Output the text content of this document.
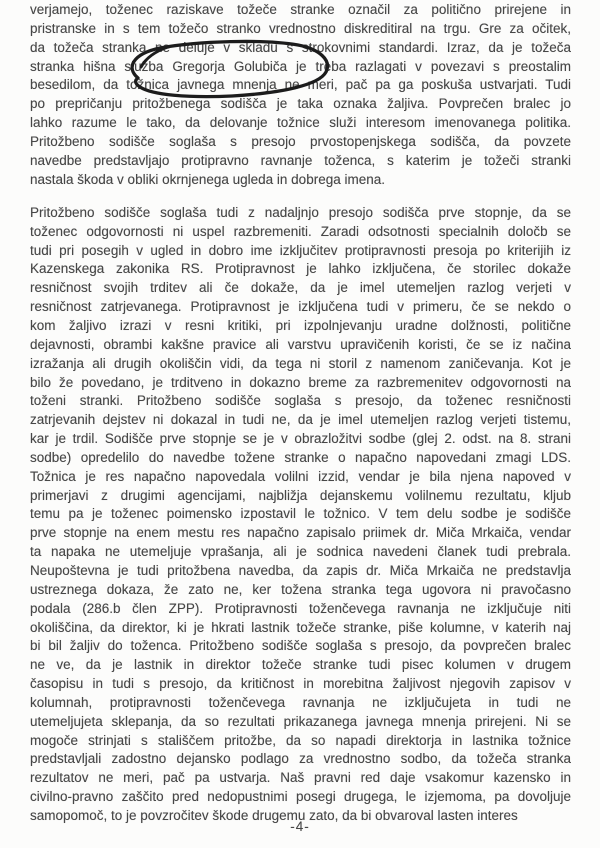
verjamejo, toženec raziskave tožeče stranke označil za politično prirejene in
pristranske in s tem tožečo stranko vrednostno diskreditiral na trgu. Gre za očitek,
da tožeča stranka ne deluje v skladu s strokovnimi standardi. Izraz, da je tožeča
stranka hišna služba Gregorja Golubiča je treba razlagati v povezavi s preostalim
besedilom, da tožnica javnega mnenja ne meri, pač pa ga poskuša ustvarjati. Tudi
po prepričanju pritožbenega sodišča je taka oznaka žaljiva. Povprečen bralec jo
lahko razume le tako, da delovanje tožnice služi interesom imenovanega politika.
Pritožbeno sodišče soglaša s presojo prvostopenjskega sodišča, da povzete
navedbe predstavljajo protipravno ravnanje toženca, s katerim je tožeči stranki
nastala škoda v obliki okrnjenega ugleda in dobrega imena.
Pritožbeno sodišče soglaša tudi z nadaljnjo presojo sodišča prve stopnje, da se
toženec odgovornosti ni uspel razbremeniti. Zaradi odsotnosti specialnih določb se
tudi pri posegih v ugled in dobro ime izključitev protipravnosti presoja po kriterijih iz
Kazenskega zakonika RS. Protipravnost je lahko izključena, če storilec dokaže
resničnost svojih trditev ali če dokaže, da je imel utemeljen razlog verjeti v
resničnost zatrjevanega. Protipravnost je izključena tudi v primeru, če se nekdo o
kom žaljivo izrazi v resni kritiki, pri izpolnjevanju uradne dolžnosti, politične
dejavnosti, obrambi kakšne pravice ali varstvu upravičenih koristi, če se iz načina
izražanja ali drugih okoliščin vidi, da tega ni storil z namenom zaničevanja. Kot je
bilo že povedano, je trditveno in dokazno breme za razbremenitev odgovornosti na
toženi stranki. Pritožbeno sodišče soglaša s presojo, da toženec resničnosti
zatrjevanih dejstev ni dokazal in tudi ne, da je imel utemeljen razlog verjeti tistemu,
kar je trdil. Sodišče prve stopnje se je v obrazložitvi sodbe (glej 2. odst. na 8. strani
sodbe) opredelilo do navedbe tožene stranke o napačno napovedani zmagi LDS.
Tožnica je res napačno napovedala volilni izzid, vendar je bila njena napoved v
primerjavi z drugimi agencijami, najbližja dejanskemu volilnemu rezultatu, kljub
temu pa je toženec poimensko izpostavil le tožnico. V tem delu sodbe je sodišče
prve stopnje na enem mestu res napačno zapisalo priimek dr. Miča Mrkaiča, vendar
ta napaka ne utemeljuje vprašanja, ali je sodnica navedeni članek tudi prebrala.
Neupoštevna je tudi pritožbena navedba, da zapis dr. Miča Mrkaiča ne predstavlja
ustreznega dokaza, že zato ne, ker tožena stranka tega ugovora ni pravočasno
podala (286.b člen ZPP). Protipravnosti toženčevega ravnanja ne izključuje niti
okoliščina, da direktor, ki je hkrati lastnik tožeče stranke, piše kolumne, v katerih naj
bi bil žaljiv do toženca. Pritožbeno sodišče soglaša s presojo, da povprečen bralec
ne ve, da je lastnik in direktor tožeče stranke tudi pisec kolumen v drugem
časopisu in tudi s presojo, da kritičnost in morebitna žaljivost njegovih zapisov v
kolumnah, protipravnosti toženčevega ravnanja ne izključujeta in tudi ne
utemeljujeta sklepanja, da so rezultati prikazanega javnega mnenja prirejeni. Ni se
mogoče strinjati s stališčem pritožbe, da so napadi direktorja in lastnika tožnice
predstavljali zadostno dejansko podlago za vrednostno sodbo, da tožeča stranka
rezultatov ne meri, pač pa ustvarja. Naš pravni red daje vsakomur kazensko in
civilno-pravno zaščito pred nedopustnimi posegi drugega, le izjemoma, pa dovoljuje
samopomoč, to je povzročitev škode drugemu zato, da bi obvaroval lasten interes
-4-
